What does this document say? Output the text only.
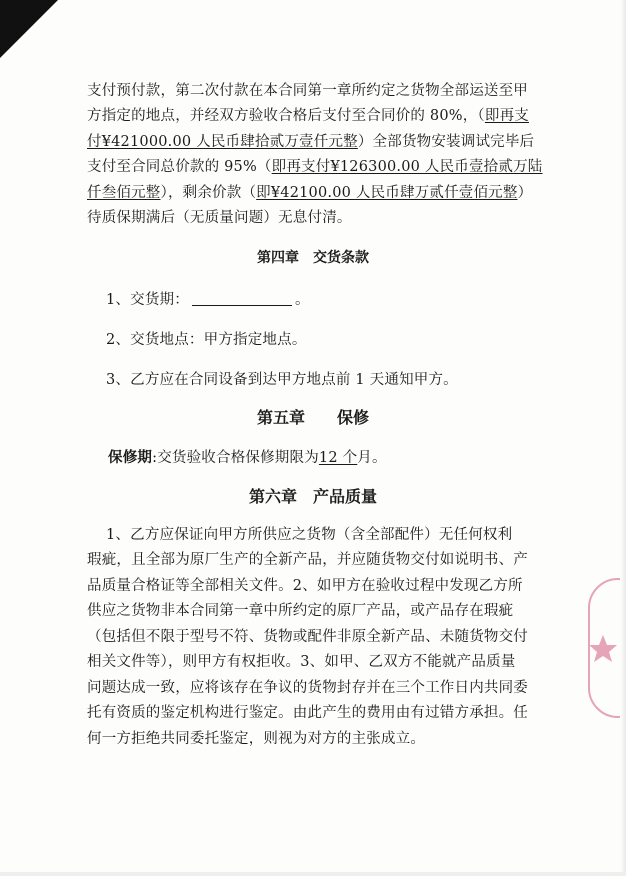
支付预付款，第二次付款在本合同第一章所约定之货物全部运送至甲
方指定的地点，并经双方验收合格后支付至合同价的 80%，（即再支
付¥421000.00 人民币肆拾贰万壹仟元整）全部货物安装调试完毕后
支付至合同总价款的 95%（即再支付¥126300.00 人民币壹拾贰万陆
仟叁佰元整），剩余价款（即¥42100.00 人民币肆万贰仟壹佰元整）
待质保期满后（无质量问题）无息付清。
第四章　交货条款
1、交货期：	。
2、交货地点：甲方指定地点。
3、乙方应在合同设备到达甲方地点前 1 天通知甲方。
第五章　　保修
保修期:交货验收合格保修期限为12 个月。
第六章　产品质量
1、乙方应保证向甲方所供应之货物（含全部配件）无任何权利
瑕疵，且全部为原厂生产的全新产品，并应随货物交付如说明书、产
品质量合格证等全部相关文件。2、如甲方在验收过程中发现乙方所
供应之货物非本合同第一章中所约定的原厂产品，或产品存在瑕疵
（包括但不限于型号不符、货物或配件非原全新产品、未随货物交付
相关文件等），则甲方有权拒收。3、如甲、乙双方不能就产品质量
问题达成一致，应将该存在争议的货物封存并在三个工作日内共同委
托有资质的鉴定机构进行鉴定。由此产生的费用由有过错方承担。任
何一方拒绝共同委托鉴定，则视为对方的主张成立。
